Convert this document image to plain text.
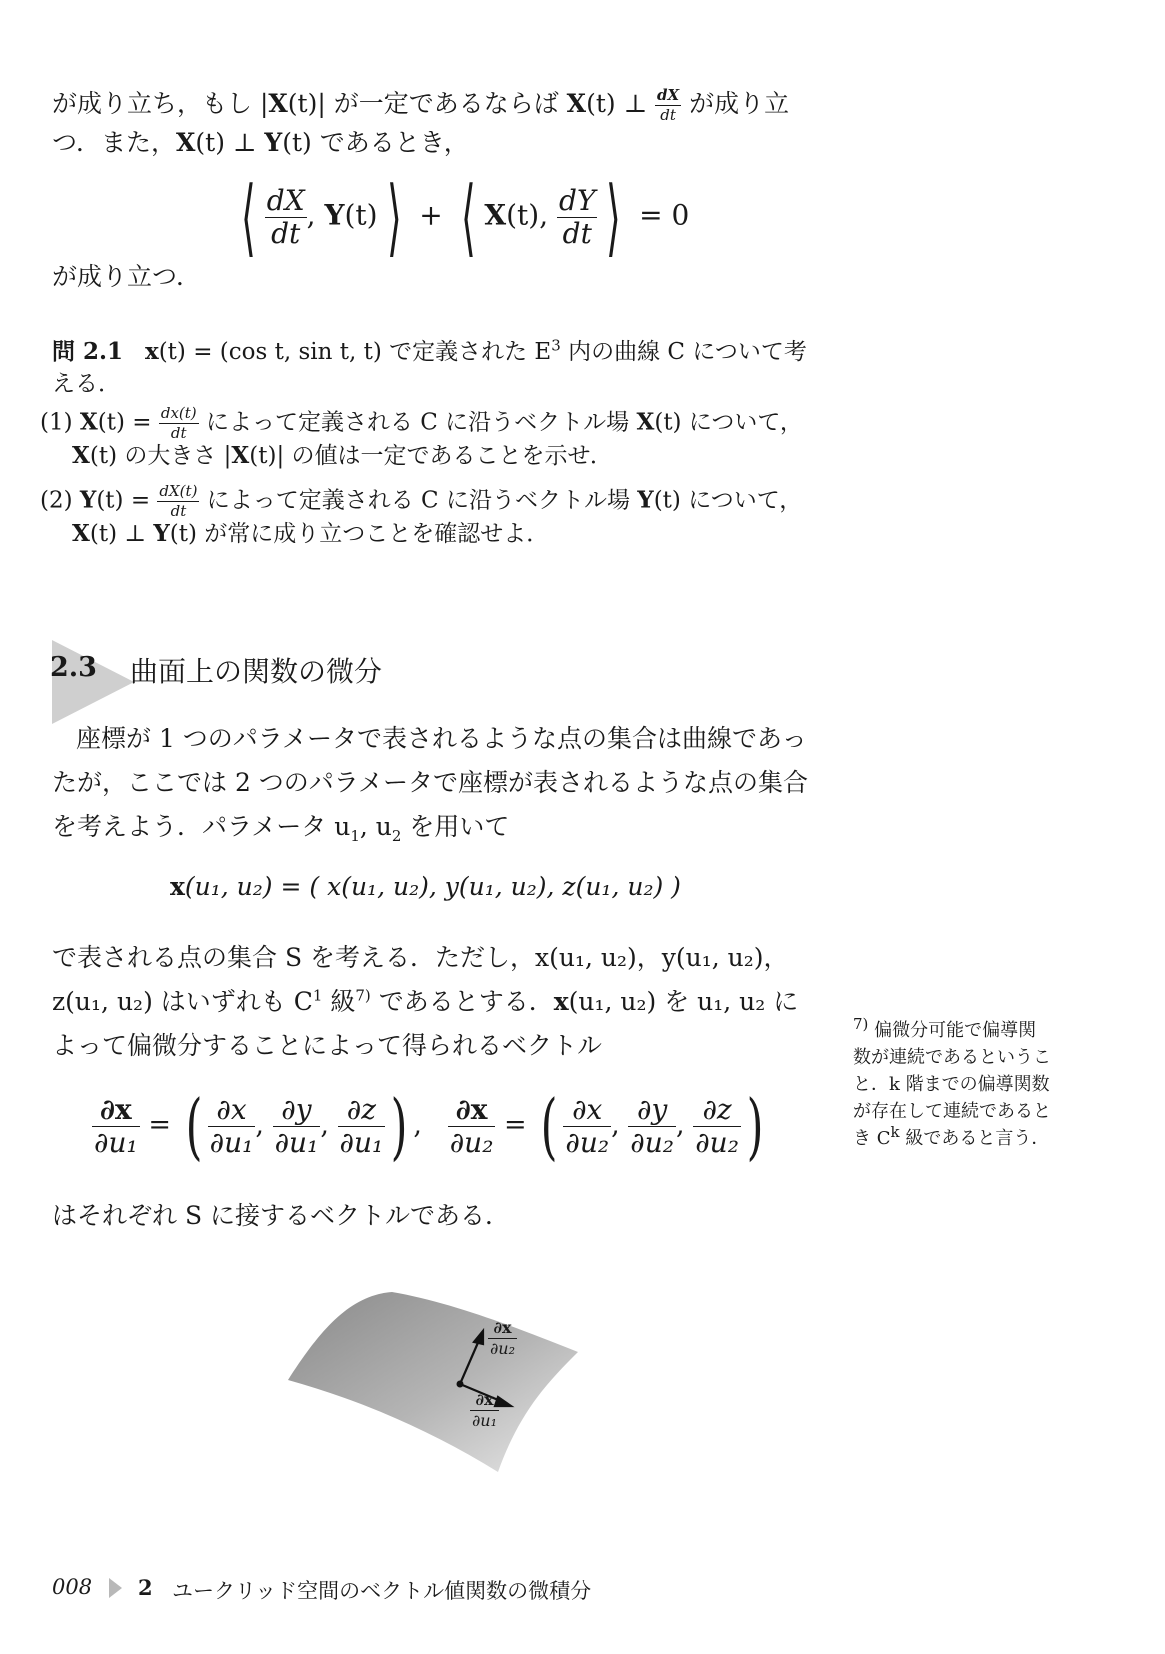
が成り立ち，もし |X(t)| が一定であるならば X(t) ⊥ $\frac{dX}{dt}$ が成り立
つ．また，X(t) ⊥ Y(t) であるとき，
⟨ $\frac{dX}{dt}$ , Y(t) ⟩ + ⟨ X(t), $\frac{dY}{dt}$ ⟩ = 0
が成り立つ．
問 2.1 x(t) = (cos t, sin t, t) で定義された $E^3$ 内の曲線 C について考
える．
(1) $X(t) = \frac{dx(t)}{dt}$ によって定義される C に沿うベクトル場 X(t) について，
X(t) の大きさ |X(t)| の値は一定であることを示せ．
(2) $Y(t) = \frac{dX(t)}{dt}$ によって定義される C に沿うベクトル場 Y(t) について，
X(t) ⊥ Y(t) が常に成り立つことを確認せよ．
2.3 曲面上の関数の微分
座標が 1 つのパラメータで表されるような点の集合は曲線であっ
たが，ここでは 2 つのパラメータで座標が表されるような点の集合
を考えよう．パラメータ $u_1$, $u_2$ を用いて
x(u₁, u₂) = ( x(u₁, u₂), y(u₁, u₂), z(u₁, u₂) )
で表される点の集合 S を考える．ただし，x(u₁, u₂)，y(u₁, u₂)，
z(u₁, u₂) はいずれも $C^1$ 級$^{7)}$ であるとする．x(u₁, u₂) を u₁, u₂ に
よって偏微分することによって得られるベクトル
$\frac{\partial x}{\text{∂u₁}}$ = ( $\frac{\partial x}{\text{∂u₁}}$ , $\frac{\partial y}{\text{∂u₁}}$ , $\frac{\partial z}{\text{∂u₁}}$ ) , $\frac{\partial x}{\text{∂u₂}}$ = ( $\frac{\partial x}{\text{∂u₂}}$ , $\frac{\partial y}{\text{∂u₂}}$ , $\frac{\partial z}{\text{∂u₂}}$ )
はそれぞれ S に接するベクトルである．
$^{7)}$ 偏微分可能で偏導関
数が連続であるというこ
と．k 階までの偏導関数
が存在して連続であると
き $C^k$ 級であると言う．
$\frac{\partial x}{\text{∂u₂}}$
$\frac{\partial x}{\text{∂u₁}}$
008 2 ユークリッド空間のベクトル値関数の微積分
